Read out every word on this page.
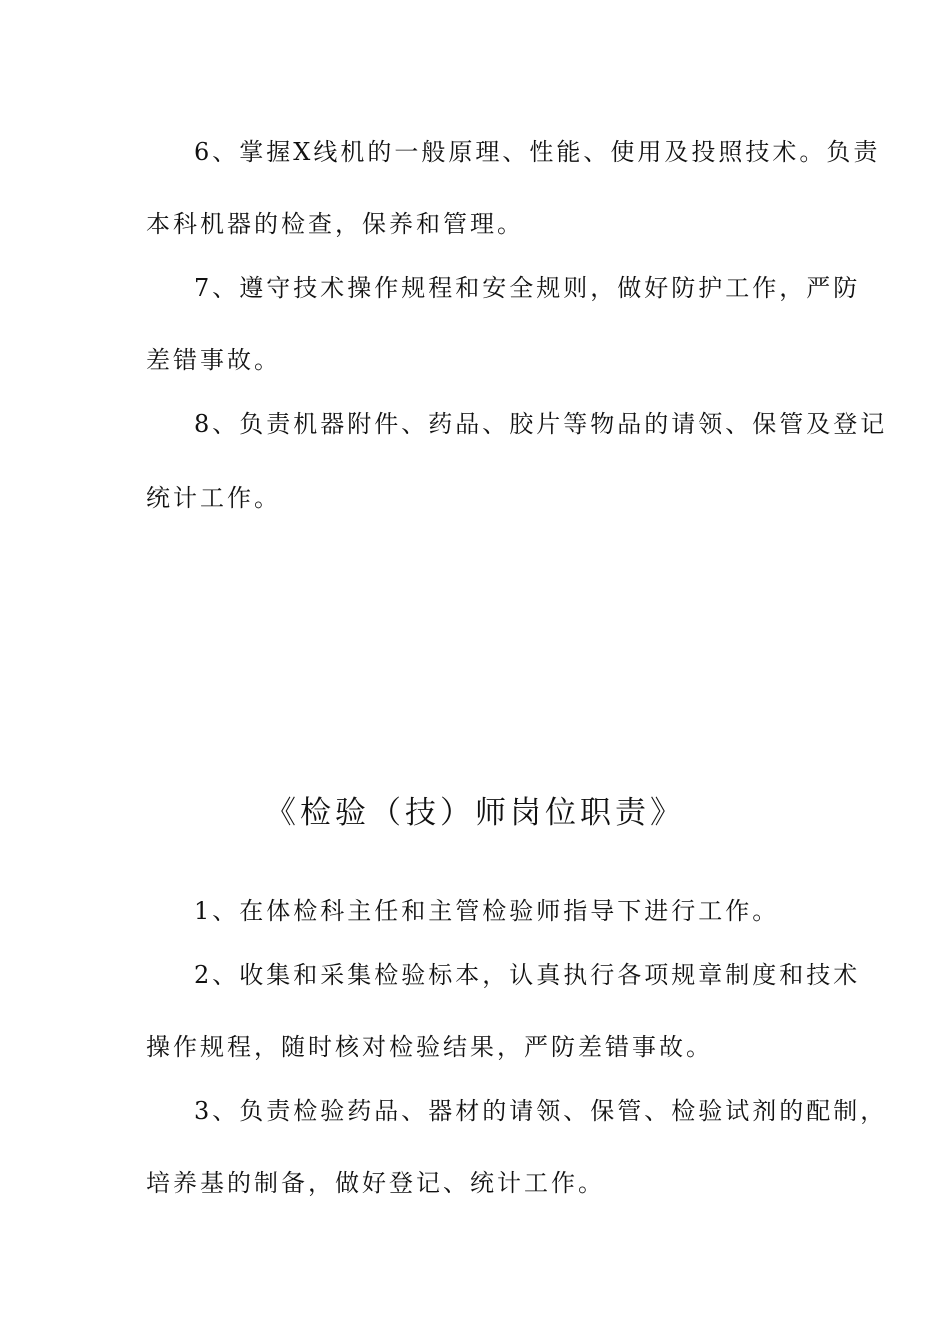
6、掌握X线机的一般原理、性能、使用及投照技术。负责
本科机器的检查，保养和管理。
7、遵守技术操作规程和安全规则，做好防护工作，严防
差错事故。
8、负责机器附件、药品、胶片等物品的请领、保管及登记
统计工作。
《检验（技）师岗位职责》
1、在体检科主任和主管检验师指导下进行工作。
2、收集和采集检验标本，认真执行各项规章制度和技术
操作规程，随时核对检验结果，严防差错事故。
3、负责检验药品、器材的请领、保管、检验试剂的配制，
培养基的制备，做好登记、统计工作。
